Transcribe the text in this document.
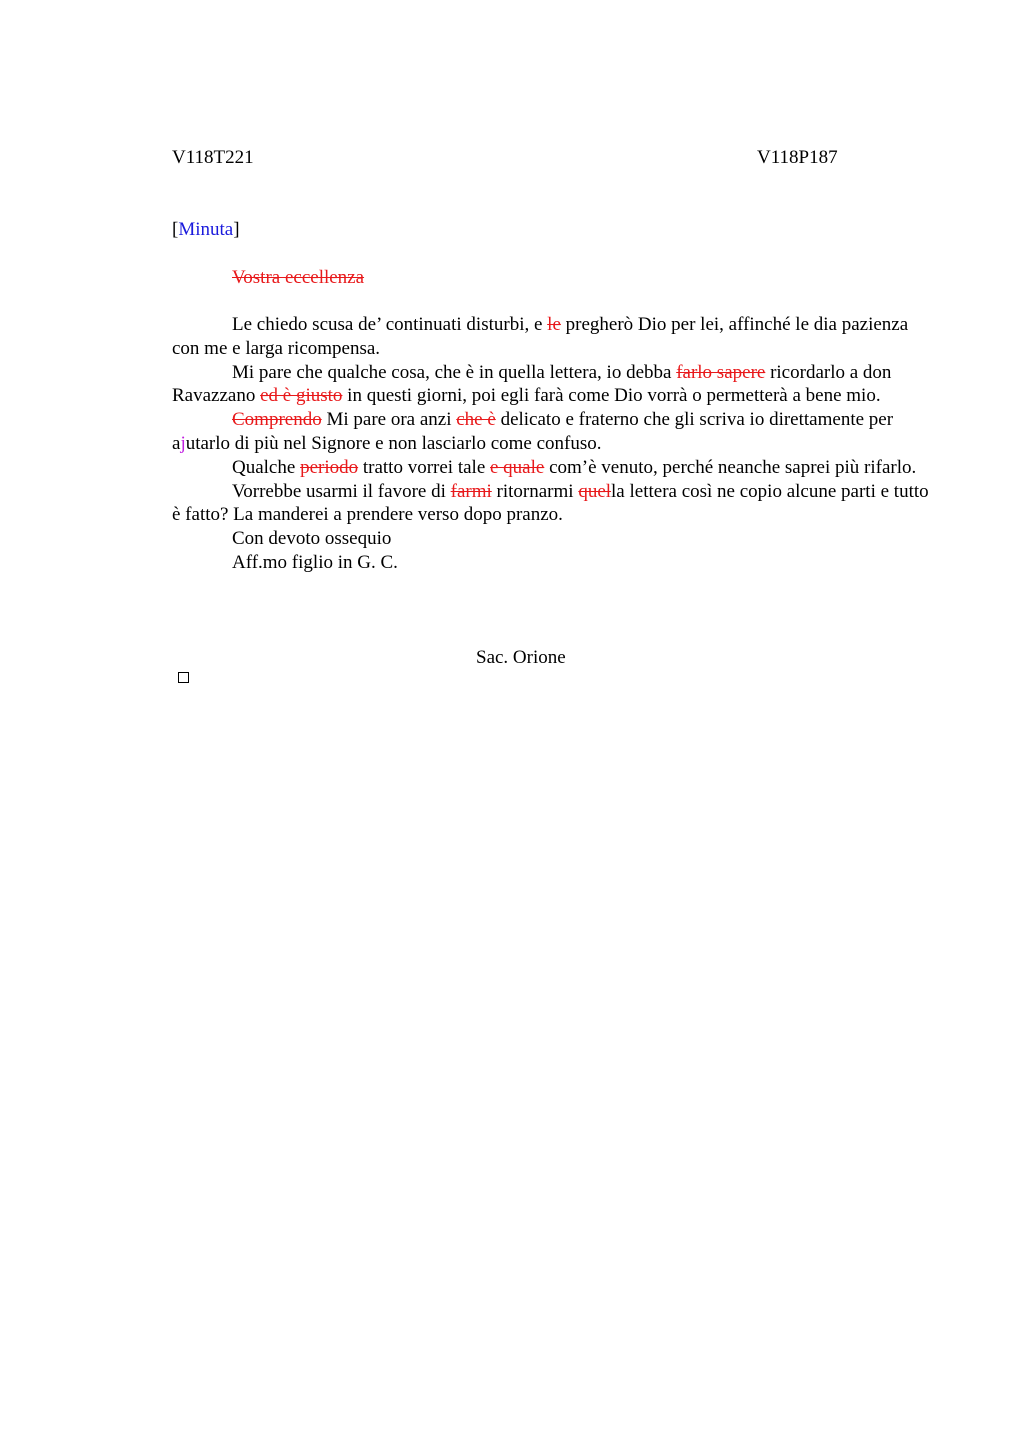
V118T221	V118P187
[Minuta]
Vostra eccellenza

Le chiedo scusa de’ continuati disturbi, e le pregherò Dio per lei, affinché le dia pazienza con me e larga ricompensa.

Mi pare che qualche cosa, che è in quella lettera, io debba farlo sapere ricordarlo a don Ravazzano ed è giusto in questi giorni, poi egli farà come Dio vorrà o permetterà a bene mio.

Comprendo Mi pare ora anzi che è delicato e fraterno che gli scriva io direttamente per ajutarlo di più nel Signore e non lasciarlo come confuso.

Qualche periodo tratto vorrei tale e quale com’è venuto, perché neanche saprei più rifarlo.

Vorrebbe usarmi il favore di farmi ritornarmi quella lettera così ne copio alcune parti e tutto è fatto? La manderei a prendere verso dopo pranzo.

Con devoto ossequio

Aff.mo figlio in G. C.

Sac. Orione
